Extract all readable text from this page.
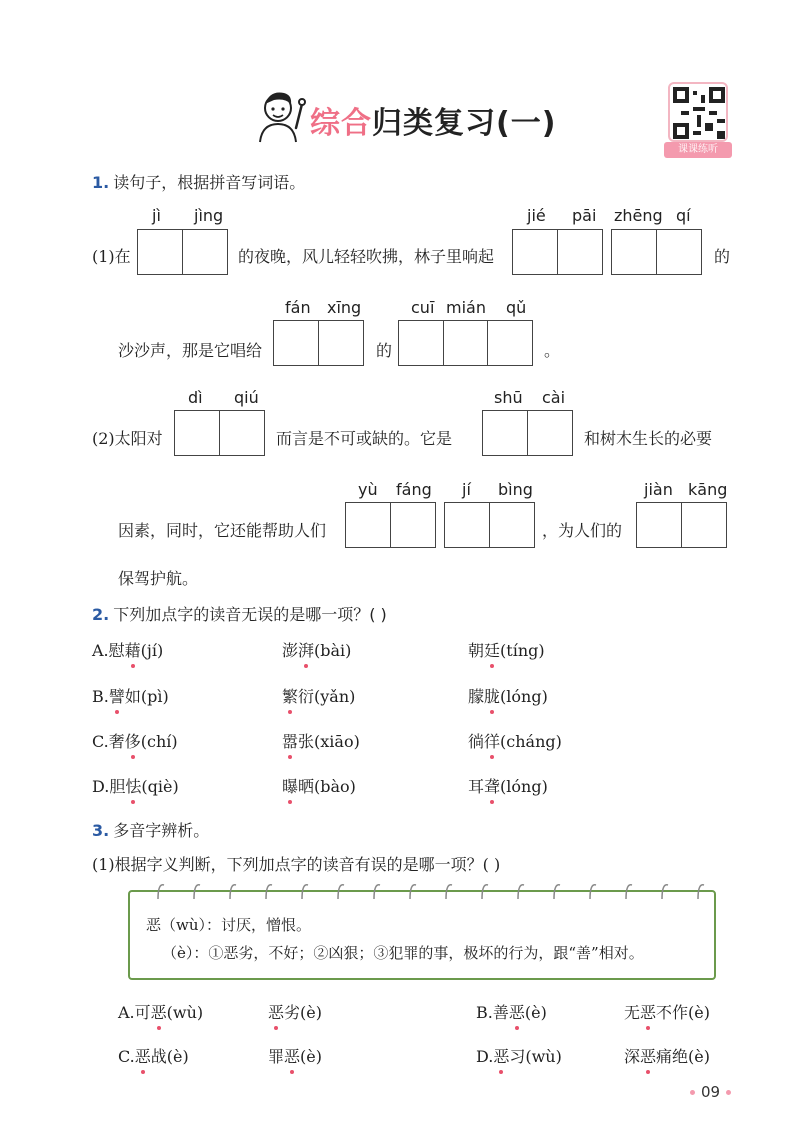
综合归类复习(一)
课课练听
1. 读句子，根据拼音写词语。
jì jìng
(1)在	的夜晚，风儿轻轻吹拂，林子里响起
jié pāi zhēng qí
的
fán xīng
沙沙声，那是它唱给	的
cuī mián qǔ
。
dì qiú
(2)太阳对	而言是不可或缺的。它是
shū cài
和树木生长的必要
yù fáng
因素，同时，它还能帮助人们
jí bìng
，为人们的
jiàn kāng
保驾护航。
2. 下列加点字的读音无误的是哪一项？( )
A.慰藉(jí)	澎湃(bài)	朝廷(tíng)
B.譬如(pì)	繁衍(yǎn)	朦胧(lóng)
C.奢侈(chí)	嚣张(xiāo)	徜徉(cháng)
D.胆怯(qiè)	曝晒(bào)	耳聋(lóng)
3. 多音字辨析。
(1)根据字义判断，下列加点字的读音有误的是哪一项？( )
恶（wù）：讨厌，憎恨。
（è）：①恶劣，不好；②凶狠；③犯罪的事，极坏的行为，跟“善”相对。
A.可恶(wù)	恶劣(è)	B.善恶(è)	无恶不作(è)
C.恶战(è)	罪恶(è)	D.恶习(wù)	深恶痛绝(è)
09
